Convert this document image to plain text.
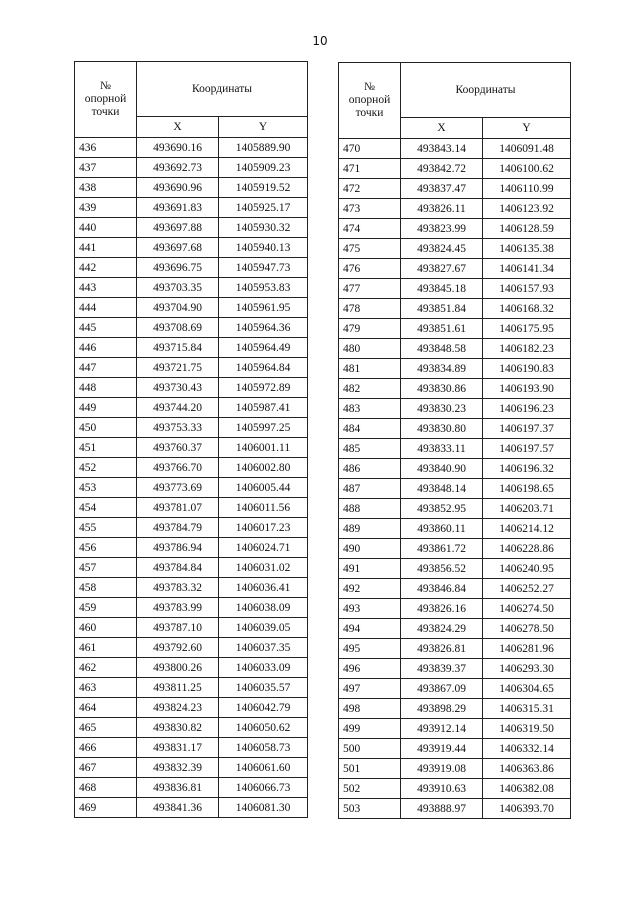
10
№
опорной
точки	Координаты	
	X	Y
436	493690.16	1405889.90
437	493692.73	1405909.23
438	493690.96	1405919.52
439	493691.83	1405925.17
440	493697.88	1405930.32
441	493697.68	1405940.13
442	493696.75	1405947.73
443	493703.35	1405953.83
444	493704.90	1405961.95
445	493708.69	1405964.36
446	493715.84	1405964.49
447	493721.75	1405964.84
448	493730.43	1405972.89
449	493744.20	1405987.41
450	493753.33	1405997.25
451	493760.37	1406001.11
452	493766.70	1406002.80
453	493773.69	1406005.44
454	493781.07	1406011.56
455	493784.79	1406017.23
456	493786.94	1406024.71
457	493784.84	1406031.02
458	493783.32	1406036.41
459	493783.99	1406038.09
460	493787.10	1406039.05
461	493792.60	1406037.35
462	493800.26	1406033.09
463	493811.25	1406035.57
464	493824.23	1406042.79
465	493830.82	1406050.62
466	493831.17	1406058.73
467	493832.39	1406061.60
468	493836.81	1406066.73
469	493841.36	1406081.30
№
опорной
точки	Координаты	
	X	Y
470	493843.14	1406091.48
471	493842.72	1406100.62
472	493837.47	1406110.99
473	493826.11	1406123.92
474	493823.99	1406128.59
475	493824.45	1406135.38
476	493827.67	1406141.34
477	493845.18	1406157.93
478	493851.84	1406168.32
479	493851.61	1406175.95
480	493848.58	1406182.23
481	493834.89	1406190.83
482	493830.86	1406193.90
483	493830.23	1406196.23
484	493830.80	1406197.37
485	493833.11	1406197.57
486	493840.90	1406196.32
487	493848.14	1406198.65
488	493852.95	1406203.71
489	493860.11	1406214.12
490	493861.72	1406228.86
491	493856.52	1406240.95
492	493846.84	1406252.27
493	493826.16	1406274.50
494	493824.29	1406278.50
495	493826.81	1406281.96
496	493839.37	1406293.30
497	493867.09	1406304.65
498	493898.29	1406315.31
499	493912.14	1406319.50
500	493919.44	1406332.14
501	493919.08	1406363.86
502	493910.63	1406382.08
503	493888.97	1406393.70
